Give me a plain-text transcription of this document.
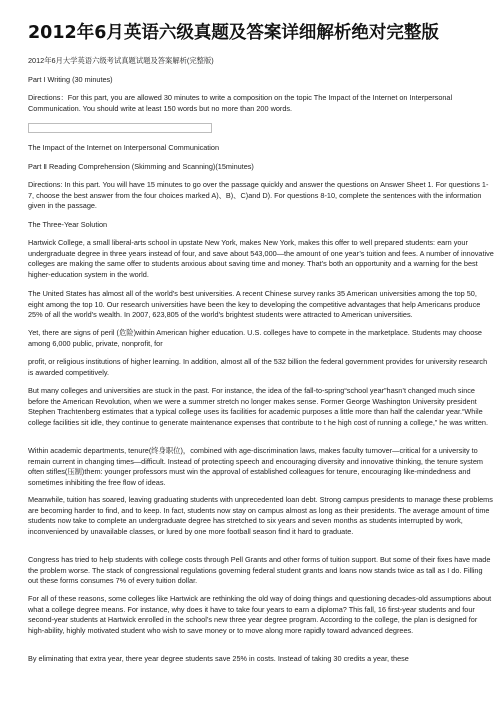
2012年6月英语六级真题及答案详细解析绝对完整版

2012年6月大学英语六级考试真题试题及答案解析(完整版)

Part I Writing (30 minutes)

Directions：For this part, you are allowed 30 minutes to write a composition on the topic The Impact of the Internet on Interpersonal Communication. You should write at least 150 words but no more than 200 words.

The Impact of the Internet on Interpersonal Communication

Part Ⅱ Reading Comprehension (Skimming and Scanning)(15minutes)

Directions: In this part. You will have 15 minutes to go over the passage quickly and answer the questions on Answer Sheet 1. For questions 1-7, choose the best answer from the four choices marked A)、B)、C)and D). For questions 8-10, complete the sentences with the information given in the passage.

The Three-Year Solution

Hartwick College, a small liberal-arts school in upstate New York, makes New York, makes this offer to well prepared students: earn your undergraduate degree in three years instead of four, and save about 543,000—the amount of one year’s tuition and fees. A number of innovative colleges are making the same offer to students anxious about saving time and money. That’s both an opportunity and a warning for the best higher-education system in the world.

The United States has almost all of the world’s best universities. A recent Chinese survey ranks 35 American universities among the top 50, eight among the top 10. Our research universities have been the key to developing the competitive advantages that help Americans produce 25% of all the world’s wealth. In 2007, 623,805 of the world’s brightest students were attracted to American universities.

Yet, there are signs of peril (危险)within American higher education. U.S. colleges have to compete in the marketplace. Students may choose among 6,000 public, private, nonprofit, for

profit, or religious institutions of higher learning. In addition, almost all of the 532 billion the federal government provides for university research is awarded competitively.

But many colleges and universities are stuck in the past. For instance, the idea of the fall-to-spring“school year”hasn’t changed much since before the American Revolution, when we were a summer stretch no longer makes sense. Former George Washington University president Stephen Trachtenberg estimates that a typical college uses its facilities for academic purposes a little more than half the calendar year.“While college facilities sit idle, they continue to generate maintenance expenses that contribute to t he high cost of running a college,” he was written.

Within academic departments, tenure(终身职位)，combined with age-discrimination laws, makes faculty turnover—critical for a university to remain current in changing times—difficult. Instead of protecting speech and encouraging diversity and innovative thinking, the tenure system often stifles(压制)them: younger professors must win the approval of established colleagues for tenure, encouraging like-mindedness and sometimes inhibiting the free flow of ideas.

Meanwhile, tuition has soared, leaving graduating students with unprecedented loan debt. Strong campus presidents to manage these problems are becoming harder to find, and to keep. In fact, students now stay on campus almost as long as their presidents. The average amount of time students now take to complete an undergraduate degree has stretched to six years and seven months as students interrupted by work, inconvenienced by unavailable classes, or lured by one more football season find it hard to graduate.

Congress has tried to help students with college costs through Pell Grants and other forms of tuition support. But some of their fixes have made the problem worse. The stack of congressional regulations governing federal student grants and loans now stands twice as tall as I do. Filling out these forms consumes 7% of every tuition dollar.

For all of these reasons, some colleges like Hartwick are rethinking the old way of doing things and questioning decades-old assumptions about what a college degree means. For instance, why does it have to take four years to earn a diploma? This fall, 16 first-year students and four second-year students at Hartwick enrolled in the school’s new three year degree program. According to the college, the plan is designed for high-ability, highly motivated student who wish to save money or to move along more rapidly toward advanced degrees.

By eliminating that extra year, there year degree students save 25% in costs. Instead of taking 30 credits a year, these
